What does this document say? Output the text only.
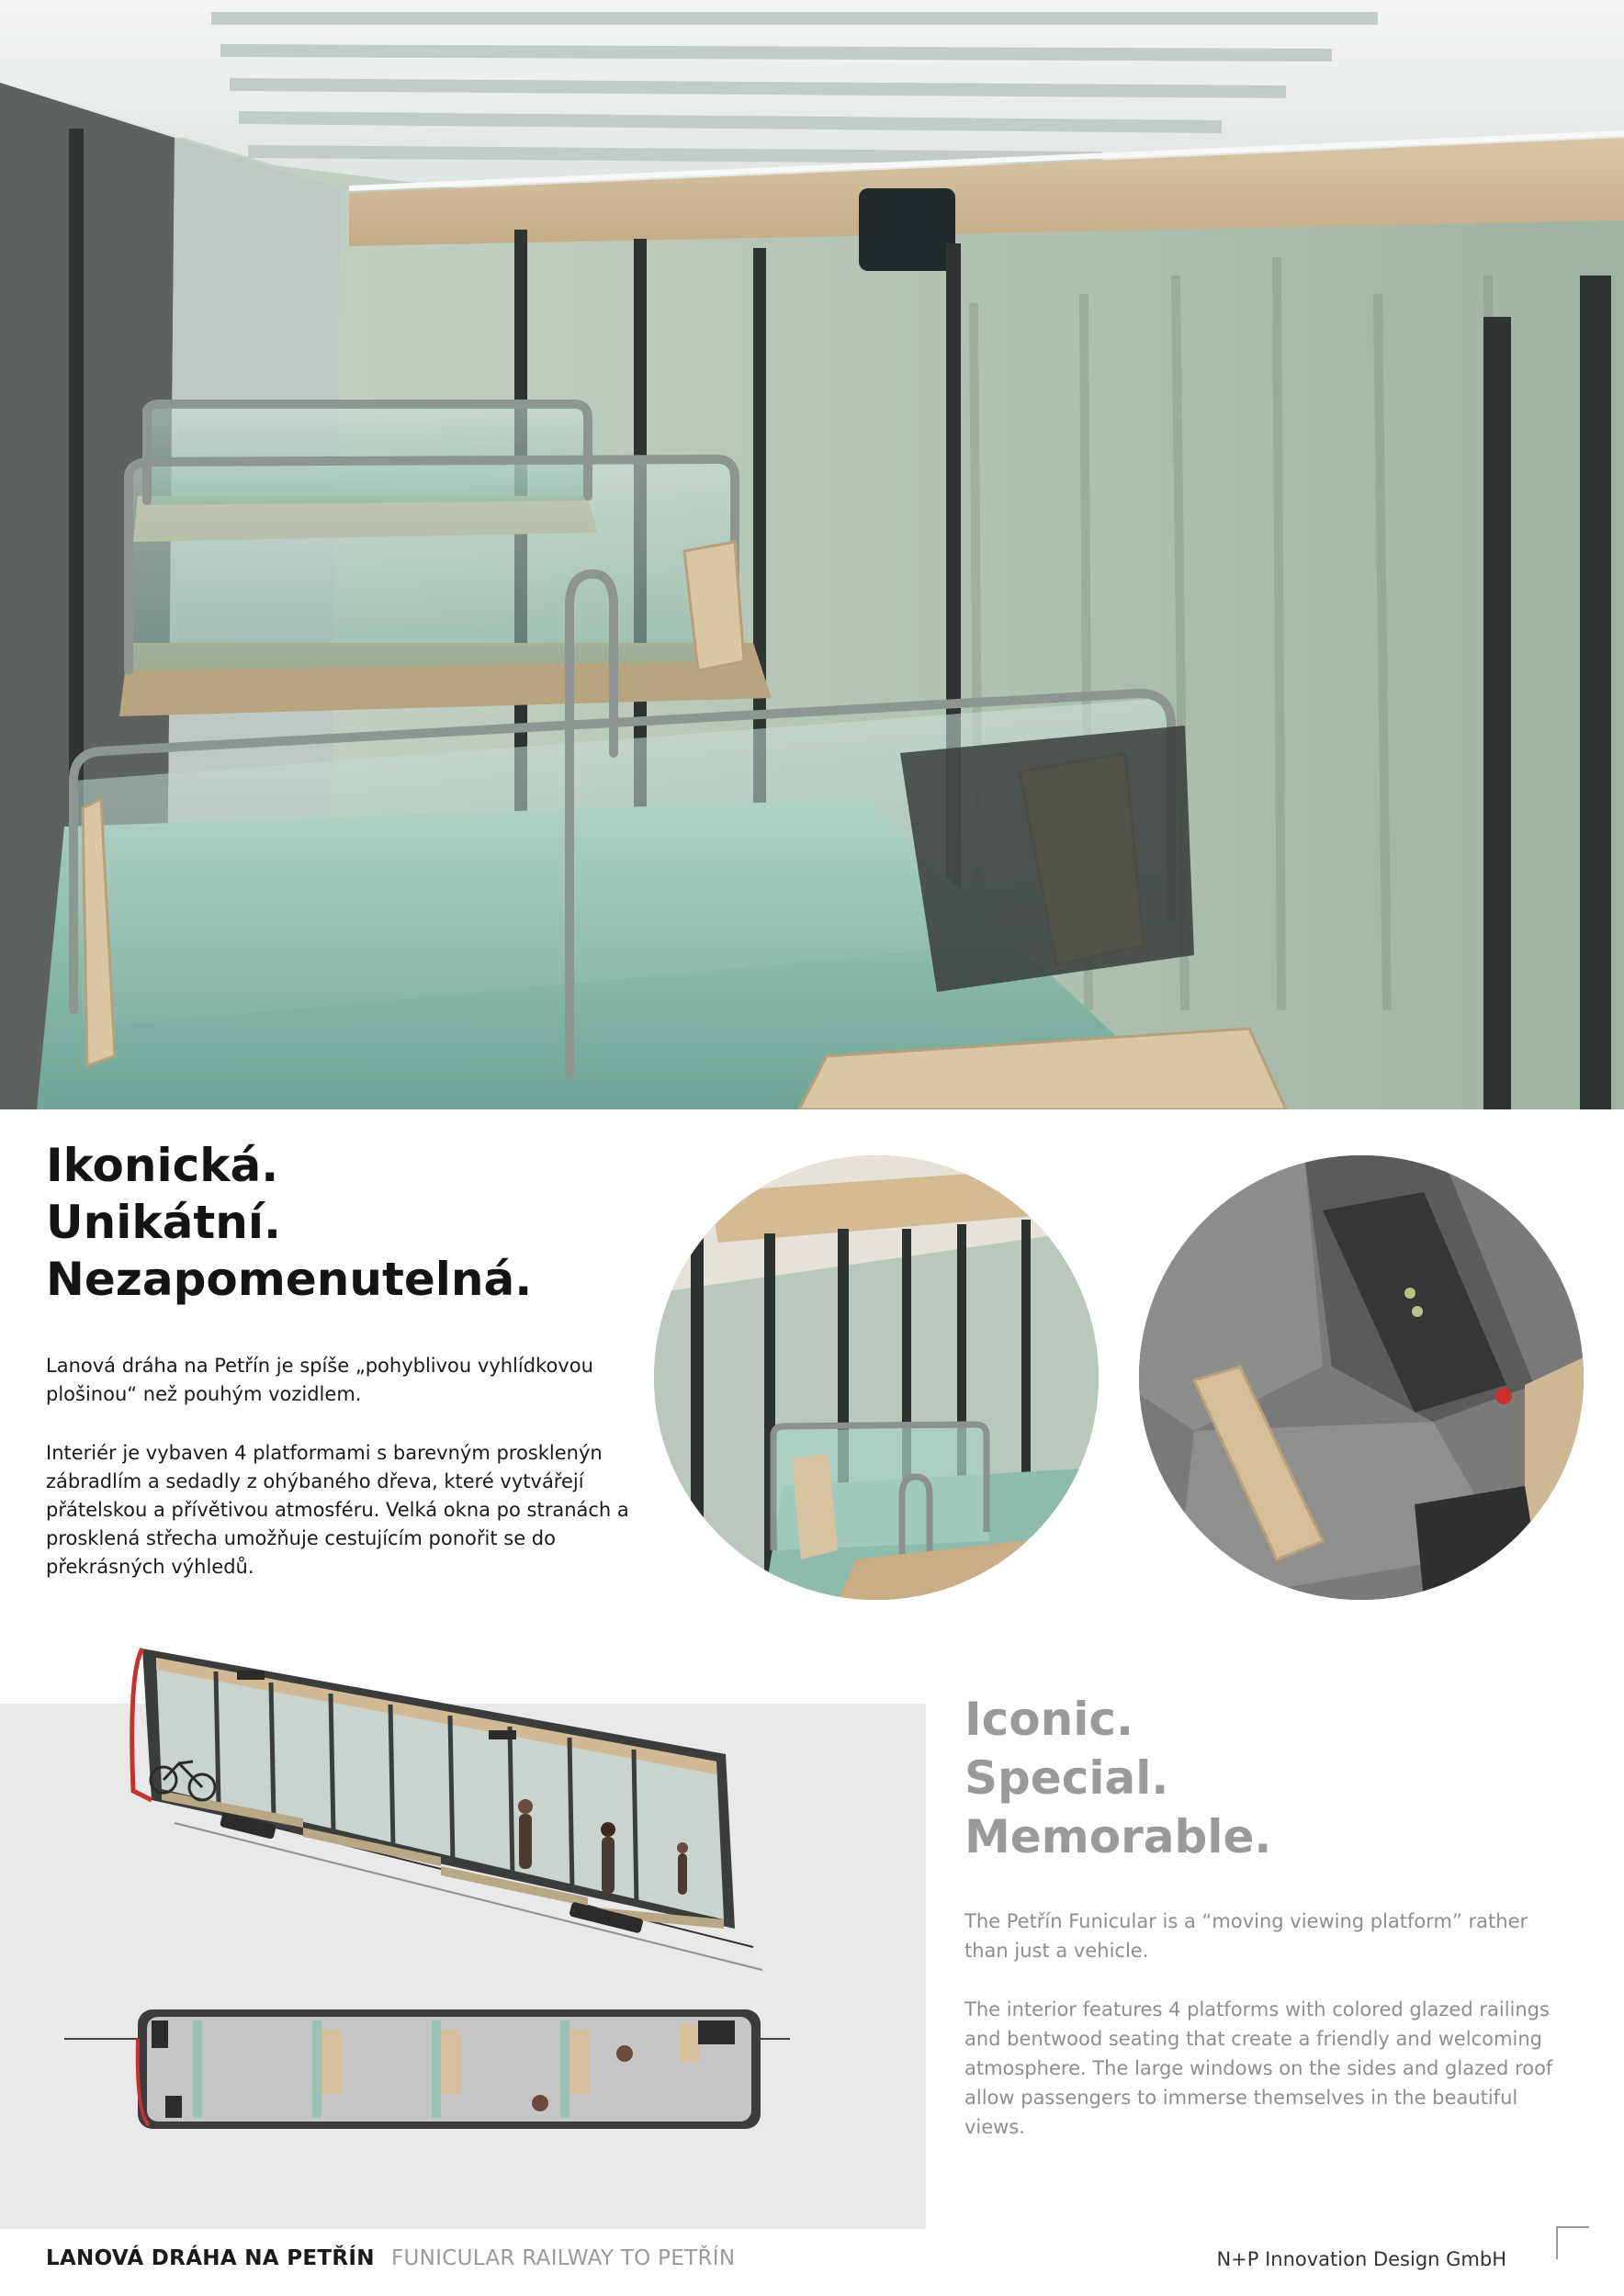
Ikonická.
Unikátní.
Nezapomenutelná.

Lanová dráha na Petřín je spíše „pohyblivou vyhlídkovou plošinou“ než pouhým vozidlem.

Interiér je vybaven 4 platformami s barevným prosklenýn zábradlím a sedadly z ohýbaného dřeva, které vytvářejí přátelskou a přívětivou atmosféru. Velká okna po stranách a prosklená střecha umožňuje cestujícím ponořit se do překrásných výhledů.

Iconic.
Special.
Memorable.

The Petřín Funicular is a “moving viewing platform” rather than just a vehicle.

The interior features 4 platforms with colored glazed railings and bentwood seating that create a friendly and welcoming atmosphere. The large windows on the sides and glazed roof allow passengers to immerse themselves in the beautiful views.

LANOVÁ DRÁHA NA PETŘÍN FUNICULAR RAILWAY TO PETŘÍN	N+P Innovation Design GmbH
